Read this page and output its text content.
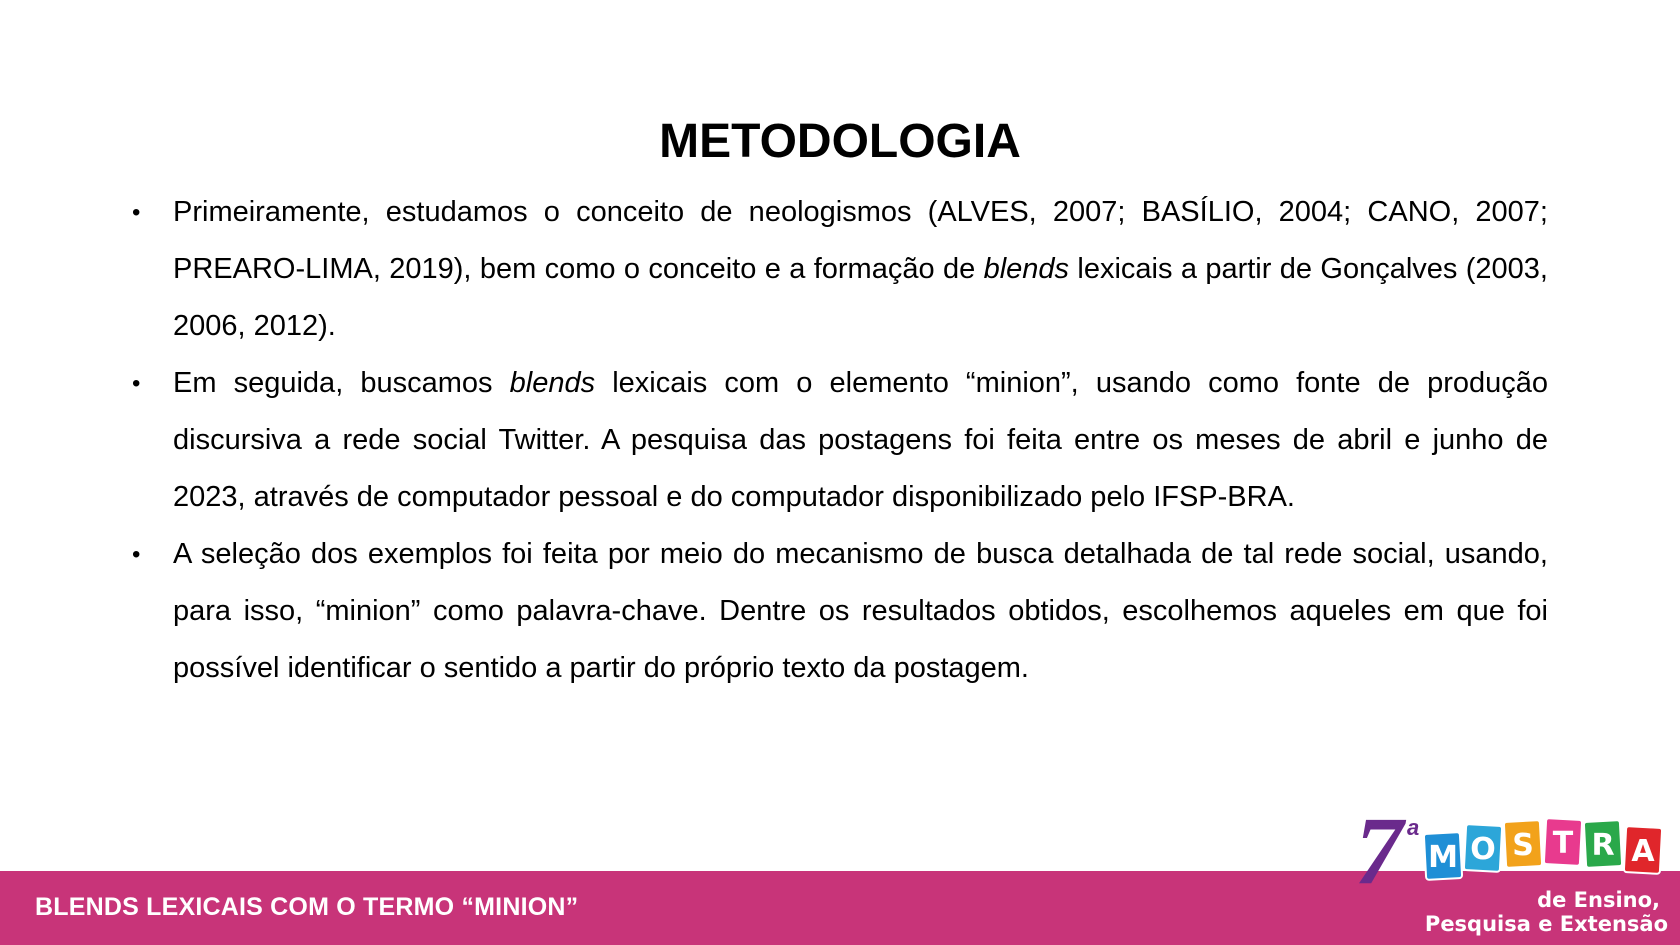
METODOLOGIA
• Primeiramente, estudamos o conceito de neologismos (ALVES, 2007; BASÍLIO, 2004; CANO, 2007; PREARO-LIMA, 2019), bem como o conceito e a formação de blends lexicais a partir de Gonçalves (2003, 2006, 2012).
• Em seguida, buscamos blends lexicais com o elemento “minion”, usando como fonte de produção discursiva a rede social Twitter. A pesquisa das postagens foi feita entre os meses de abril e junho de 2023, através de computador pessoal e do computador disponibilizado pelo IFSP-BRA.
• A seleção dos exemplos foi feita por meio do mecanismo de busca detalhada de tal rede social, usando, para isso, “minion” como palavra-chave. Dentre os resultados obtidos, escolhemos aqueles em que foi possível identificar o sentido a partir do próprio texto da postagem.
BLENDS LEXICAIS COM O TERMO “MINION”
7 a
M O S T R A
de Ensino,
Pesquisa e Extensão
